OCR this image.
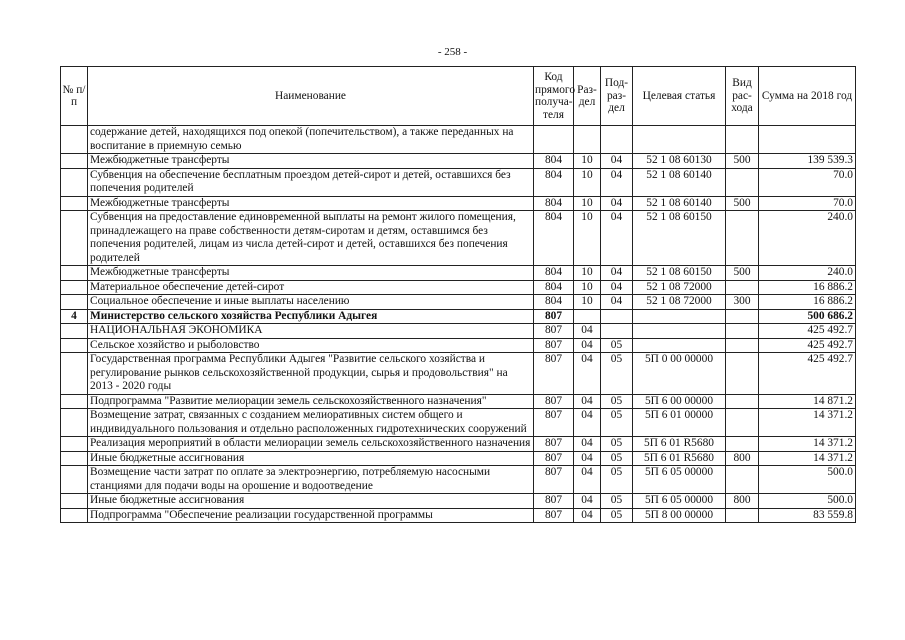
- 258 -
№ п/п	Наименование	Код прямого получа-теля	Раз-дел	Под-раз-дел	Целевая статья	Вид рас-хода	Сумма на 2018 год
	содержание детей, находящихся под опекой (попечительством), а также переданных на воспитание в приемную семью						
	Межбюджетные трансферты	804	10	04	52 1 08 60130	500	139 539.3
	Субвенция на обеспечение бесплатным проездом детей-сирот и детей, оставшихся без попечения родителей	804	10	04	52 1 08 60140		70.0
	Межбюджетные трансферты	804	10	04	52 1 08 60140	500	70.0
	Субвенция на предоставление единовременной выплаты на ремонт жилого помещения, принадлежащего на праве собственности детям-сиротам и детям, оставшимся без попечения родителей, лицам из числа детей-сирот и детей, оставшихся без попечения родителей	804	10	04	52 1 08 60150		240.0
	Межбюджетные трансферты	804	10	04	52 1 08 60150	500	240.0
	Материальное обеспечение детей-сирот	804	10	04	52 1 08 72000		16 886.2
	Социальное обеспечение и иные выплаты населению	804	10	04	52 1 08 72000	300	16 886.2
4	Министерство сельского хозяйства Республики Адыгея	807					500 686.2
	НАЦИОНАЛЬНАЯ ЭКОНОМИКА	807	04				425 492.7
	Сельское хозяйство и рыболовство	807	04	05			425 492.7
	Государственная программа Республики Адыгея "Развитие сельского хозяйства и регулирование рынков сельскохозяйственной продукции, сырья и продовольствия" на 2013 - 2020 годы	807	04	05	5П 0 00 00000		425 492.7
	Подпрограмма "Развитие мелиорации земель сельскохозяйственного назначения"	807	04	05	5П 6 00 00000		14 871.2
	Возмещение затрат, связанных с созданием мелиоративных систем общего и индивидуального пользования и отдельно расположенных гидротехнических сооружений	807	04	05	5П 6 01 00000		14 371.2
	Реализация мероприятий в области мелиорации земель сельскохозяйственного назначения	807	04	05	5П 6 01 R5680		14 371.2
	Иные бюджетные ассигнования	807	04	05	5П 6 01 R5680	800	14 371.2
	Возмещение части затрат по оплате за электроэнергию, потребляемую насосными станциями для подачи воды на орошение и водоотведение	807	04	05	5П 6 05 00000		500.0
	Иные бюджетные ассигнования	807	04	05	5П 6 05 00000	800	500.0
	Подпрограмма "Обеспечение реализации государственной программы	807	04	05	5П 8 00 00000		83 559.8
